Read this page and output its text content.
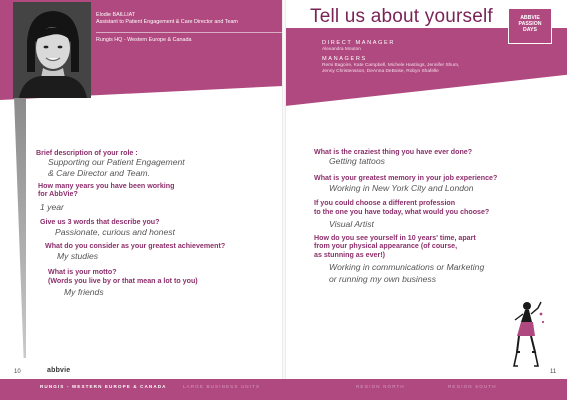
Elodie BAILLIAT
Assistant to Patient Engagement & Care Director and Team
Rungis HQ - Western Europe & Canada
Tell us about yourself	ABBVIE
PASSION
DAYS
DIRECT MANAGER
Alexandra Mouton
MANAGERS
Remi Bagoire, Kate Campbell, Michele Hastings, Jennifer Shum,
Jenny Christensson, DeAnna DeBoise, Robyn Shafelle
Brief description of your role :
Supporting our Patient Engagement
& Care Director and Team.
How many years you have been working
for AbbVie?
1 year
Give us 3 words that describe you?
Passionate, curious and honest
What do you consider as your greatest achievement?
My studies
What is your motto?
(Words you live by or that mean a lot to you)
My friends
What is the craziest thing you have ever done?
Getting tattoos
What is your greatest memory in your job experience?
Working in New York City and London
If you could choose a different profession
to the one you have today, what would you choose?
Visual Artist
How do you see yourself in 10 years' time, apart
from your physical appearance (of course,
as stunning as ever!)
Working in communications or Marketing
or running my own business
abbvie
10	11
RUNGIS - WESTERN EUROPE & CANADA	LARGE BUSINESS UNITS	REGION NORTH	REGION SOUTH
